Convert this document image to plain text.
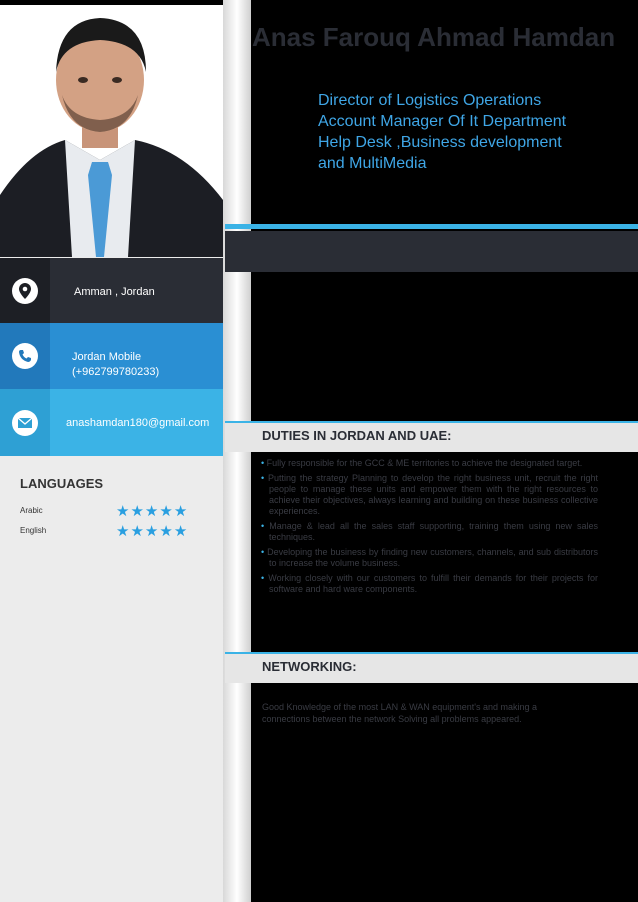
Amman , Jordan
Jordan Mobile
(+962799780233)
anashamdan180@gmail.com
LANGUAGES
Arabic	★★★★★
English	★★★★★
Anas Farouq Ahmad Hamdan
Director of Logistics Operations
Account Manager Of It Department
Help Desk ,Business development
and MultiMedia
DUTIES IN JORDAN AND UAE:
• Fully responsible for the GCC & ME territories to achieve the designated target.
• Putting the strategy Planning to develop the right business unit, recruit the right people to manage these units and empower them with the right resources to achieve their objectives, always learning and building on these business collective experiences.
• Manage & lead all the sales staff supporting, training them using new sales techniques.
• Developing the business by finding new customers, channels, and sub distributors to increase the volume business.
• Working closely with our customers to fulfill their demands for their projects for software and hard ware components.
NETWORKING:
Good Knowledge of the most LAN & WAN equipment's and making a connections between the network Solving all problems appeared.
